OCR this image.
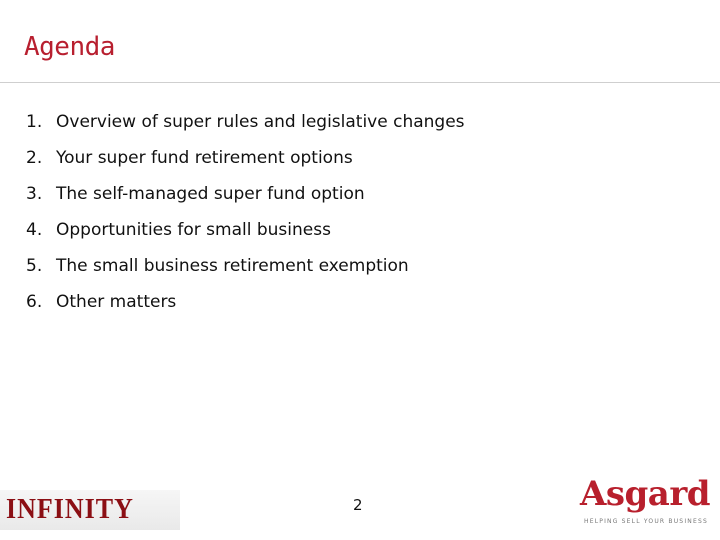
Agenda
1. Overview of super rules and legislative changes
2. Your super fund retirement options
3. The self-managed super fund option
4. Opportunities for small business
5. The small business retirement exemption
6. Other matters
INFINITY	2	Asgard
HELPING SELL YOUR BUSINESS
